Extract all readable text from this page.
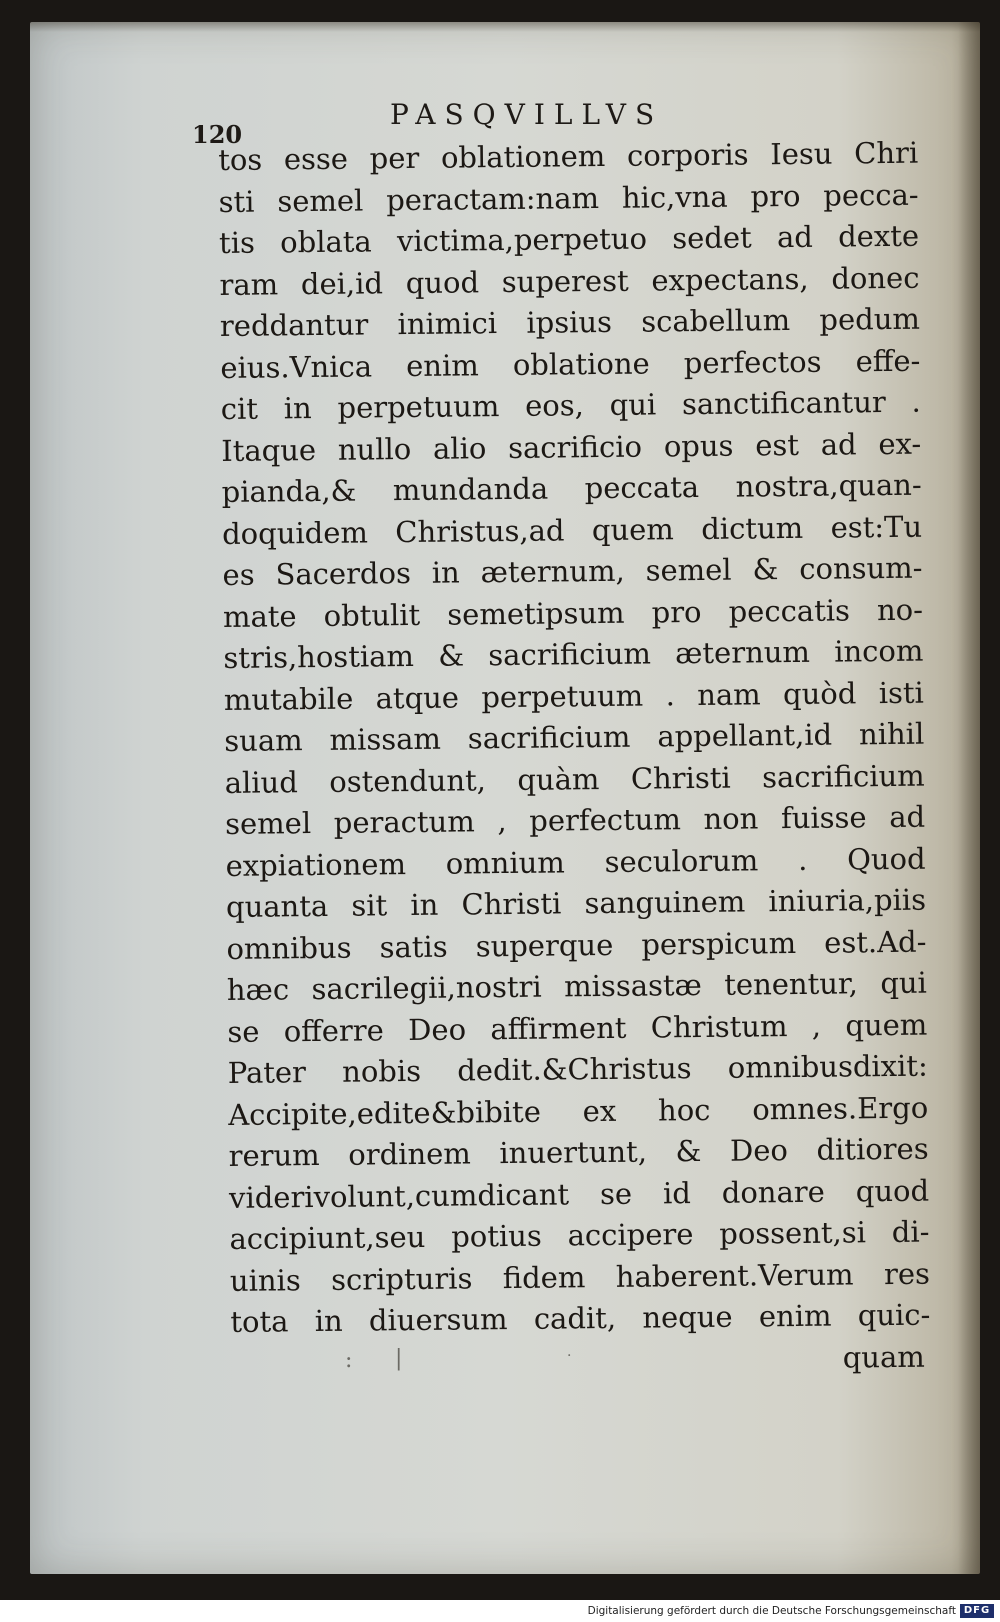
120
PASQVILLVS
tos esse per oblationem corporis Iesu Chri
sti semel peractam:nam hic,vna pro pecca-
tis oblata victima,perpetuo sedet ad dexte
ram dei,id quod superest expectans, donec
reddantur inimici ipsius scabellum pedum
eius.Vnica enim oblatione perfectos effe-
cit in perpetuum eos, qui sanctificantur .
Itaque nullo alio sacrificio opus est ad ex-
pianda,& mundanda peccata nostra,quan-
doquidem Christus,ad quem dictum est:Tu
es Sacerdos in æternum, semel & consum-
mate obtulit semetipsum pro peccatis no-
stris,hostiam & sacrificium æternum incom
mutabile atque perpetuum . nam quòd isti
suam missam sacrificium appellant,id nihil
aliud ostendunt, quàm Christi sacrificium
semel peractum , perfectum non fuisse ad
expiationem omnium seculorum . Quod
quanta sit in Christi sanguinem iniuria,piis
omnibus satis superque perspicum est.Ad-
hæc sacrilegii,nostri missastæ tenentur, qui
se offerre Deo affirment Christum , quem
Pater nobis dedit.&Christus omnibusdixit:
Accipite,edite&bibite ex hoc omnes.Ergo
rerum ordinem inuertunt, & Deo ditiores
viderivolunt,cumdicant se id donare quod
accipiunt,seu potius accipere possent,si di-
uinis scripturis fidem haberent.Verum res
tota in diuersum cadit, neque enim quic-
quam
: |	·
Digitalisierung gefördert durch die Deutsche Forschungsgemeinschaft DFG
